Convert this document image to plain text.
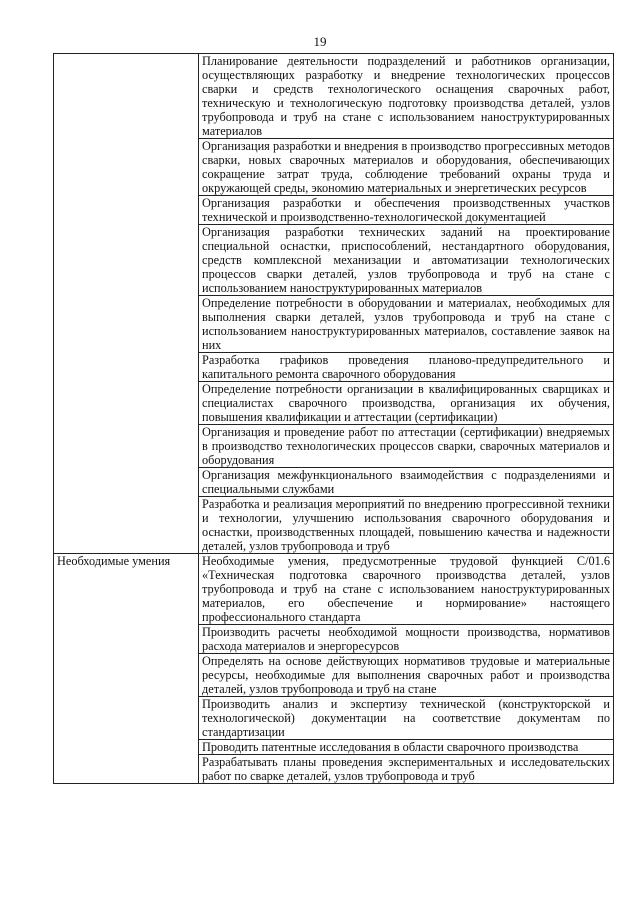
19
	Планирование деятельности подразделений и работников организации, осуществляющих разработку и внедрение технологических процессов сварки и средств технологического оснащения сварочных работ, техническую и технологическую подготовку производства деталей, узлов трубопровода и труб на стане с использованием наноструктурированных материалов
	Организация разработки и внедрения в производство прогрессивных методов сварки, новых сварочных материалов и оборудования, обеспечивающих сокращение затрат труда, соблюдение требований охраны труда и окружающей среды, экономию материальных и энергетических ресурсов
	Организация разработки и обеспечения производственных участков технической и производственно-технологической документацией
	Организация разработки технических заданий на проектирование специальной оснастки, приспособлений, нестандартного оборудования, средств комплексной механизации и автоматизации технологических процессов сварки деталей, узлов трубопровода и труб на стане с использованием наноструктурированных материалов
	Определение потребности в оборудовании и материалах, необходимых для выполнения сварки деталей, узлов трубопровода и труб на стане с использованием наноструктурированных материалов, составление заявок на них
	Разработка графиков проведения планово-предупредительного и капитального ремонта сварочного оборудования
	Определение потребности организации в квалифицированных сварщиках и специалистах сварочного производства, организация их обучения, повышения квалификации и аттестации (сертификации)
	Организация и проведение работ по аттестации (сертификации) внедряемых в производство технологических процессов сварки, сварочных материалов и оборудования
	Организация межфункционального взаимодействия с подразделениями и специальными службами
	Разработка и реализация мероприятий по внедрению прогрессивной техники и технологии, улучшению использования сварочного оборудования и оснастки, производственных площадей, повышению качества и надежности деталей, узлов трубопровода и труб
Необходимые умения	Необходимые умения, предусмотренные трудовой функцией C/01.6 «Техническая подготовка сварочного производства деталей, узлов трубопровода и труб на стане с использованием наноструктурированных материалов, его обеспечение и нормирование» настоящего профессионального стандарта
	Производить расчеты необходимой мощности производства, нормативов расхода материалов и энергоресурсов
	Определять на основе действующих нормативов трудовые и материальные ресурсы, необходимые для выполнения сварочных работ и производства деталей, узлов трубопровода и труб на стане
	Производить анализ и экспертизу технической (конструкторской и технологической) документации на соответствие документам по стандартизации
	Проводить патентные исследования в области сварочного производства
	Разрабатывать планы проведения экспериментальных и исследовательских работ по сварке деталей, узлов трубопровода и труб
